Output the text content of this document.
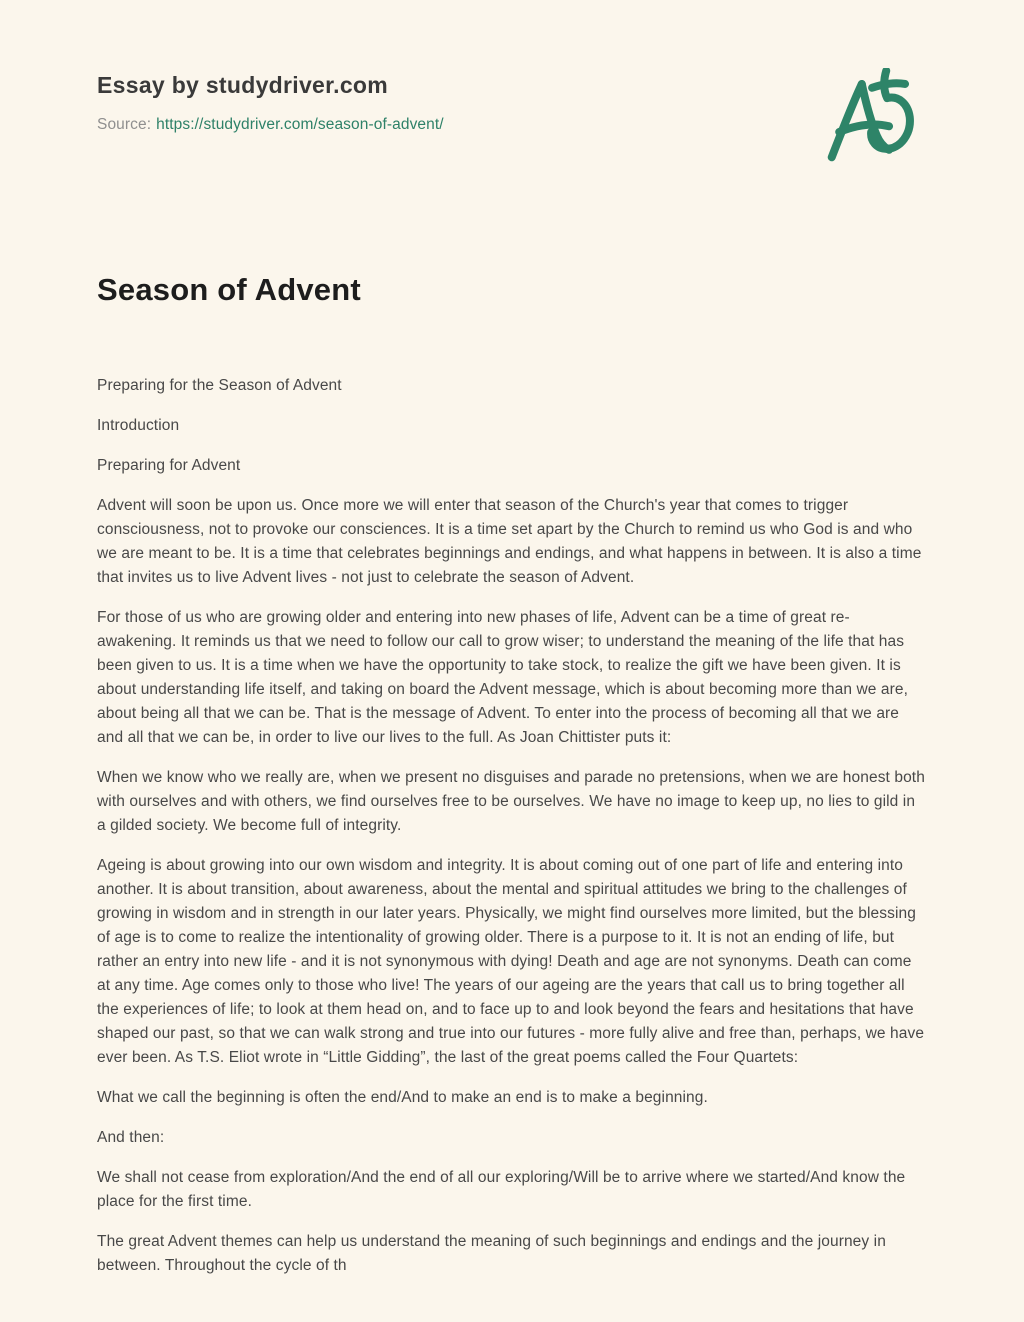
Essay by studydriver.com
Source: https://studydriver.com/season-of-advent/
Season of Advent

Preparing for the Season of Advent

Introduction

Preparing for Advent

Advent will soon be upon us. Once more we will enter that season of the Church's year that comes to trigger consciousness, not to provoke our consciences. It is a time set apart by the Church to remind us who God is and who we are meant to be. It is a time that celebrates beginnings and endings, and what happens in between. It is also a time that invites us to live Advent lives - not just to celebrate the season of Advent.

For those of us who are growing older and entering into new phases of life, Advent can be a time of great re-awakening. It reminds us that we need to follow our call to grow wiser; to understand the meaning of the life that has been given to us. It is a time when we have the opportunity to take stock, to realize the gift we have been given. It is about understanding life itself, and taking on board the Advent message, which is about becoming more than we are, about being all that we can be. That is the message of Advent. To enter into the process of becoming all that we are and all that we can be, in order to live our lives to the full. As Joan Chittister puts it:

When we know who we really are, when we present no disguises and parade no pretensions, when we are honest both with ourselves and with others, we find ourselves free to be ourselves. We have no image to keep up, no lies to gild in a gilded society. We become full of integrity.

Ageing is about growing into our own wisdom and integrity. It is about coming out of one part of life and entering into another. It is about transition, about awareness, about the mental and spiritual attitudes we bring to the challenges of growing in wisdom and in strength in our later years. Physically, we might find ourselves more limited, but the blessing of age is to come to realize the intentionality of growing older. There is a purpose to it. It is not an ending of life, but rather an entry into new life - and it is not synonymous with dying! Death and age are not synonyms. Death can come at any time. Age comes only to those who live! The years of our ageing are the years that call us to bring together all the experiences of life; to look at them head on, and to face up to and look beyond the fears and hesitations that have shaped our past, so that we can walk strong and true into our futures - more fully alive and free than, perhaps, we have ever been. As T.S. Eliot wrote in “Little Gidding”, the last of the great poems called the Four Quartets:

What we call the beginning is often the end/And to make an end is to make a beginning.

And then:

We shall not cease from exploration/And the end of all our exploring/Will be to arrive where we started/And know the place for the first time.

The great Advent themes can help us understand the meaning of such beginnings and endings and the journey in between. Throughout the cycle of th
